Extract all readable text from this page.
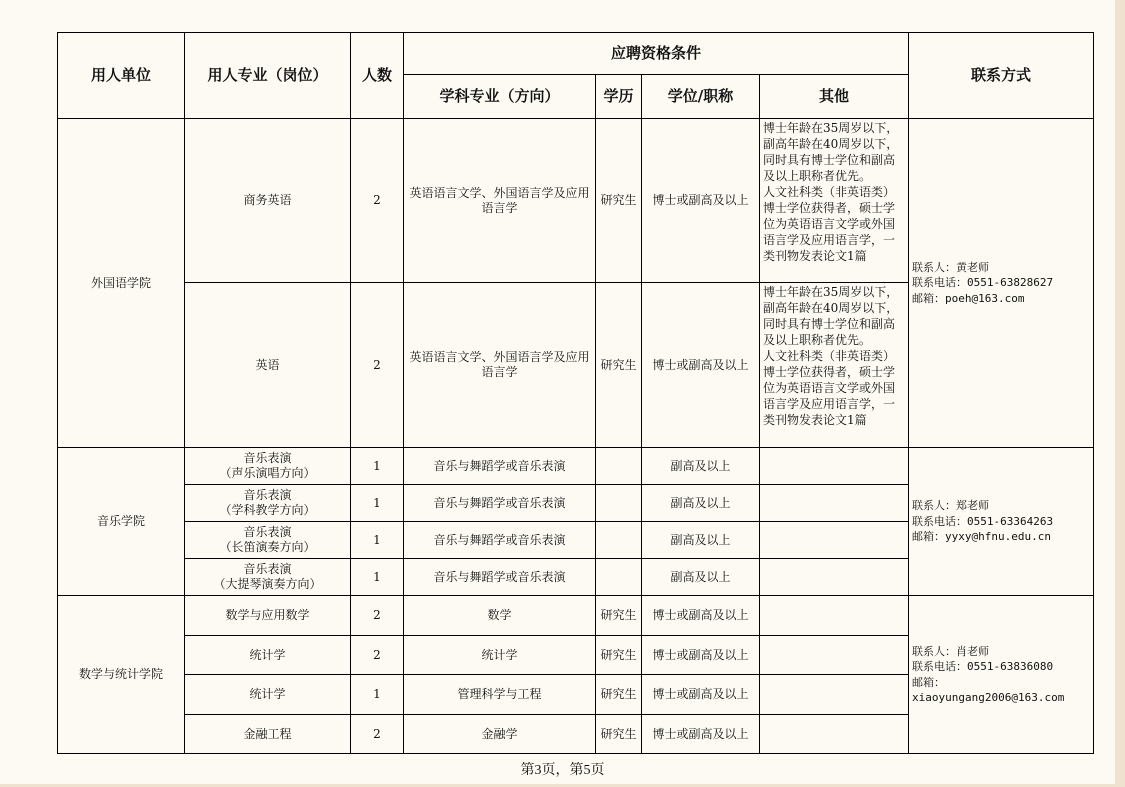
用人单位	用人专业（岗位）	人数	应聘资格条件				联系方式
			学科专业（方向）	学历	学位/职称	其他	
外国语学院	商务英语	2	英语语言文学、外国语言学及应用语言学	研究生	博士或副高及以上	博士年龄在35周岁以下，副高年龄在40周岁以下，同时具有博士学位和副高及以上职称者优先。
人文社科类（非英语类）博士学位获得者，硕士学位为英语语言文学或外国语言学及应用语言学，一类刊物发表论文1篇	联系人：黄老师
联系电话：0551-63828627
邮箱：poeh@163.com

	英语	2	英语语言文学、外国语言学及应用语言学	研究生	博士或副高及以上	博士年龄在35周岁以下，副高年龄在40周岁以下，同时具有博士学位和副高及以上职称者优先。
人文社科类（非英语类）博士学位获得者，硕士学位为英语语言文学或外国语言学及应用语言学，一类刊物发表论文1篇	
音乐学院	音乐表演
（声乐演唱方向）	1	音乐与舞蹈学或音乐表演		副高及以上		联系人：郑老师
联系电话：0551-63364263
邮箱：yyxy@hfnu.edu.cn

	音乐表演
（学科教学方向）	1	音乐与舞蹈学或音乐表演		副高及以上		

	音乐表演
（长笛演奏方向）	1	音乐与舞蹈学或音乐表演		副高及以上		

	音乐表演
（大提琴演奏方向）	1	音乐与舞蹈学或音乐表演		副高及以上		
数学与统计学院	数学与应用数学	2	数学	研究生	博士或副高及以上		联系人：肖老师
联系电话：0551-63836080
邮箱：
xiaoyungang2006@163.com

	统计学	2	统计学	研究生	博士或副高及以上		
	统计学	1	管理科学与工程	研究生	博士或副高及以上		
	金融工程	2	金融学	研究生	博士或副高及以上		
第3页，第5页
